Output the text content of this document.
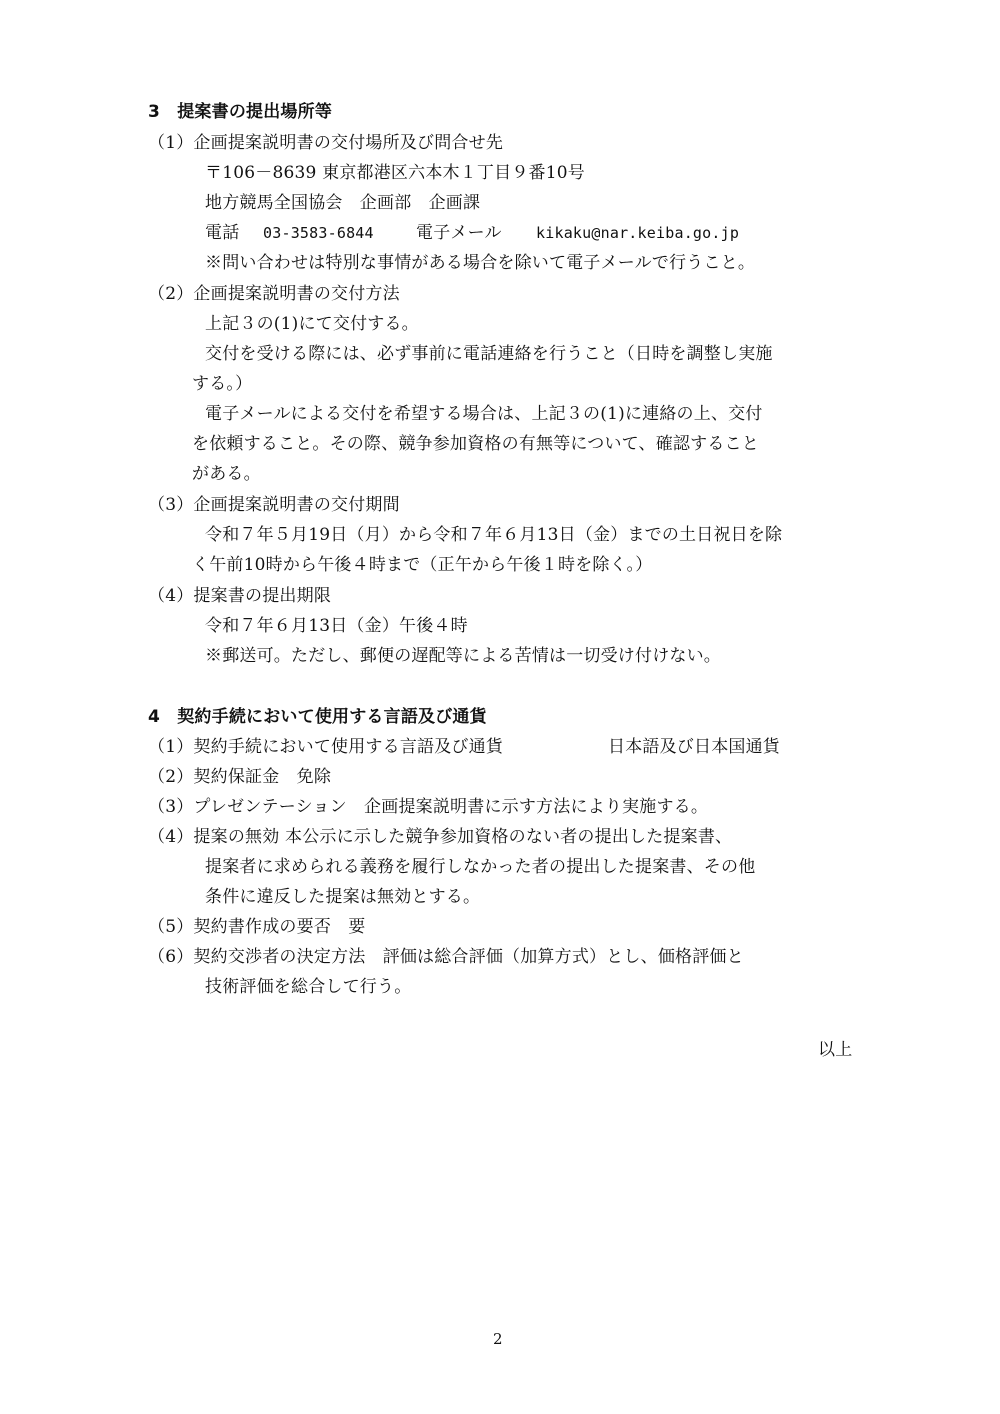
3　提案書の提出場所等
（1）企画提案説明書の交付場所及び問合せ先
〒106－8639 東京都港区六本木１丁目９番10号
地方競馬全国協会　企画部　企画課
電話 03-3583-6844 電子メール kikaku@nar.keiba.go.jp
※問い合わせは特別な事情がある場合を除いて電子メールで行うこと。
（2）企画提案説明書の交付方法
上記３の(1)にて交付する。
交付を受ける際には、必ず事前に電話連絡を行うこと（日時を調整し実施
する。）
電子メールによる交付を希望する場合は、上記３の(1)に連絡の上、交付
を依頼すること。その際、競争参加資格の有無等について、確認すること
がある。
（3）企画提案説明書の交付期間
令和７年５月19日（月）から令和７年６月13日（金）までの土日祝日を除
く午前10時から午後４時まで（正午から午後１時を除く。）
（4）提案書の提出期限
令和７年６月13日（金）午後４時
※郵送可。ただし、郵便の遅配等による苦情は一切受け付けない。
4　契約手続において使用する言語及び通貨
（1）契約手続において使用する言語及び通貨	日本語及び日本国通貨
（2）契約保証金　免除
（3）プレゼンテーション　企画提案説明書に示す方法により実施する。
（4）提案の無効 本公示に示した競争参加資格のない者の提出した提案書、
提案者に求められる義務を履行しなかった者の提出した提案書、その他
条件に違反した提案は無効とする。
（5）契約書作成の要否　要
（6）契約交渉者の決定方法　評価は総合評価（加算方式）とし、価格評価と
技術評価を総合して行う。
以上
2
